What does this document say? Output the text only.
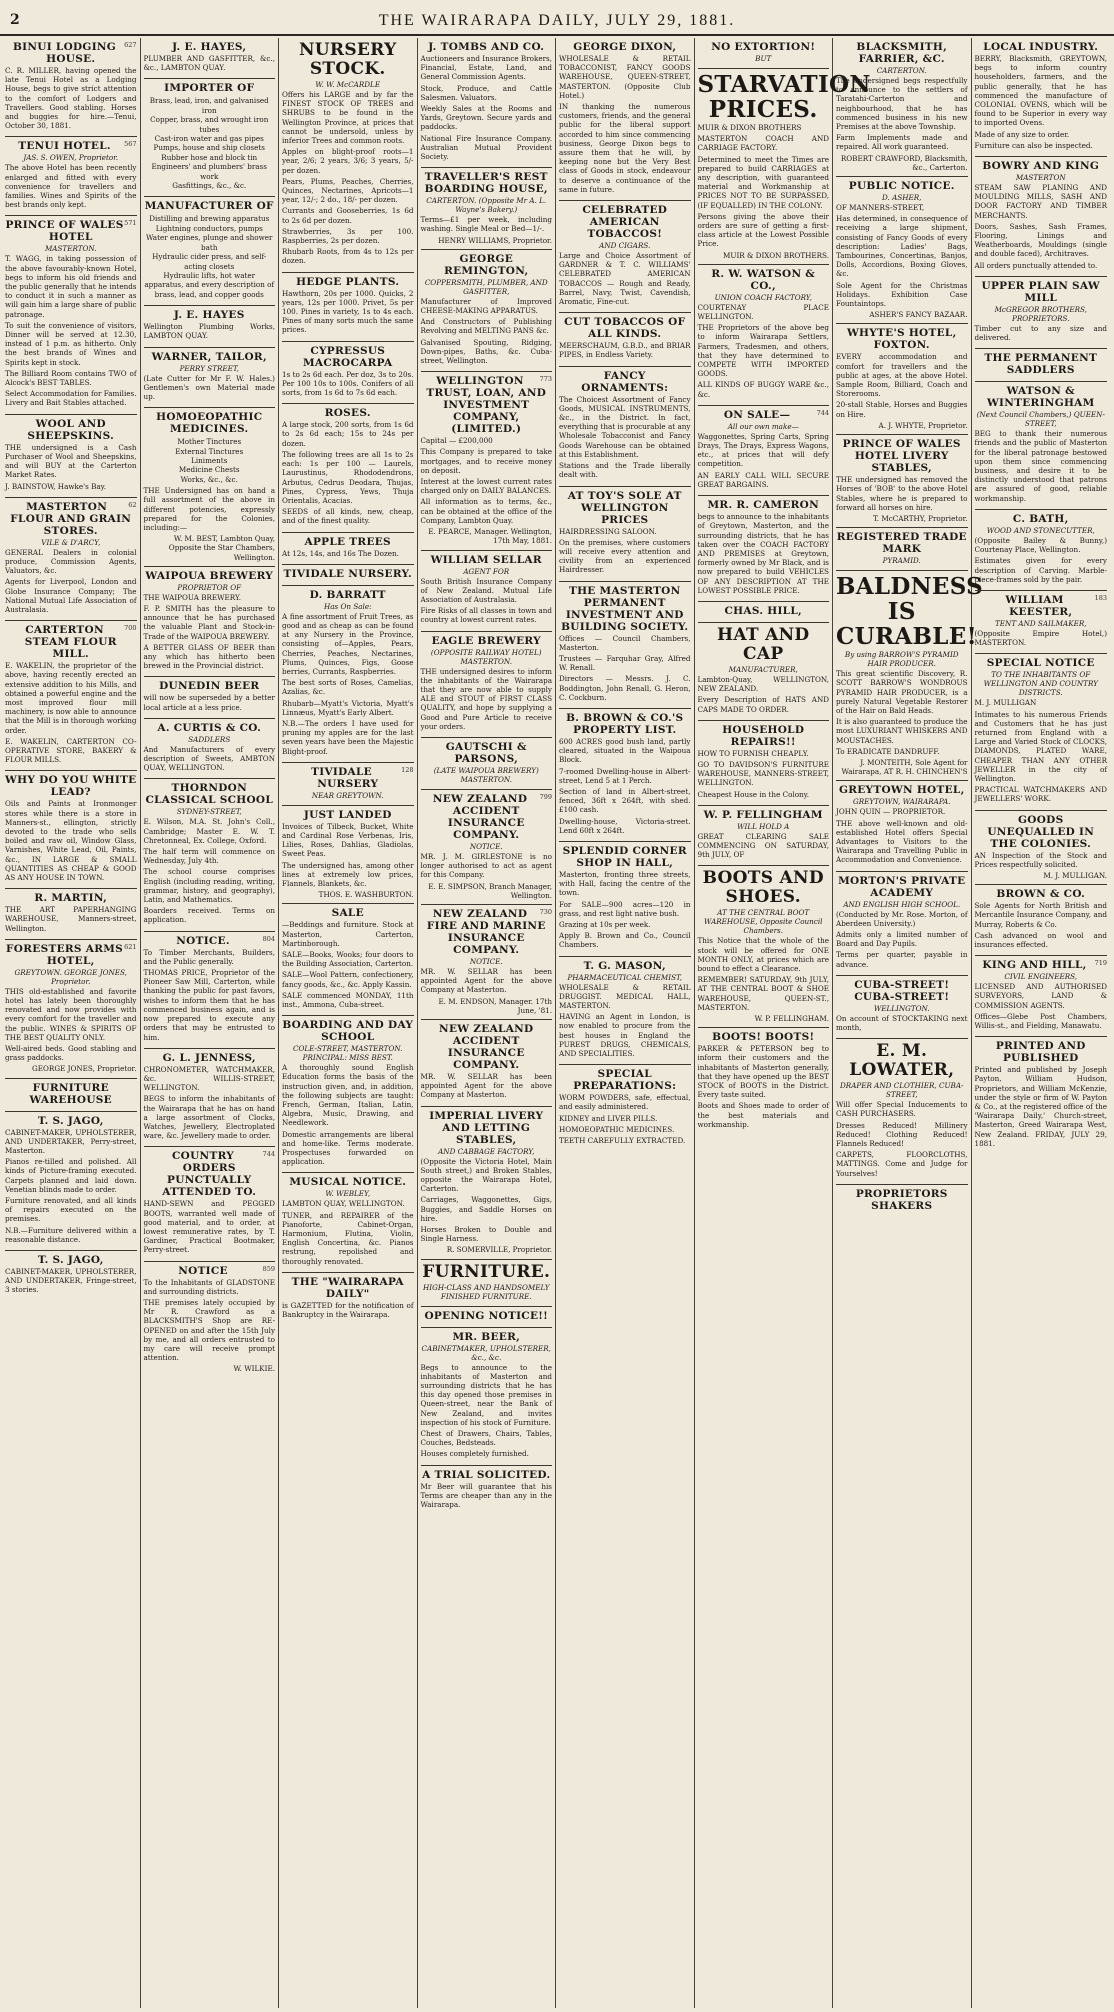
2	THE WAIRARAPA DAILY, JULY 29, 1881.
627
BINUI LODGING HOUSE.

C. R. MILLER, having opened the late Tenui Hotel as a Lodging House, begs to give strict attention to the comfort of Lodgers and Travellers. Good stabling. Horses and buggies for hire.—Tenui, October 30, 1881.

567
TENUI HOTEL.
JAS. S. OWEN, Proprietor.

The above Hotel has been recently enlarged and fitted with every convenience for travellers and families. Wines and Spirits of the best brands only kept.

571
PRINCE OF WALES HOTEL
MASTERTON.

T. WAGG, in taking possession of the above favourably-known Hotel, begs to inform his old friends and the public generally that he intends to conduct it in such a manner as will gain him a large share of public patronage.

To suit the convenience of visitors, Dinner will be served at 12.30, instead of 1 p.m. as hitherto. Only the best brands of Wines and Spirits kept in stock.

The Billiard Room contains TWO of Alcock's BEST TABLES.

Select Accommodation for Families. Livery and Bait Stables attached.

WOOL AND SHEEPSKINS.

THE undersigned is a Cash Purchaser of Wool and Sheepskins, and will BUY at the Carterton Market Rates.

J. BAINSTOW, Hawke's Bay.

62
MASTERTON FLOUR AND GRAIN STORES.
VILE & D'ARCY,

GENERAL Dealers in colonial produce, Commission Agents, Valuators, &c.

Agents for Liverpool, London and Globe Insurance Company; The National Mutual Life Association of Australasia.

700
CARTERTON STEAM FLOUR MILL.

E. WAKELIN, the proprietor of the above, having recently erected an extensive addition to his Mills, and obtained a powerful engine and the most improved flour mill machinery, is now able to announce that the Mill is in thorough working order.

E. WAKELIN, CARTERTON CO-OPERATIVE STORE, BAKERY & FLOUR MILLS.

WHY DO YOU WHITE LEAD?

Oils and Paints at Ironmonger stores while there is a store in Manners-st., ellington, strictly devoted to the trade who sells boiled and raw oil, Window Glass, Varnishes, White Lead, Oil, Paints, &c., IN LARGE & SMALL QUANTITIES AS CHEAP & GOOD AS ANY HOUSE IN TOWN.

R. MARTIN,

THE ART PAPERHANGING WAREHOUSE, Manners-street, Wellington.

621
FORESTERS ARMS HOTEL,
GREYTOWN. GEORGE JONES, Proprietor.

THIS old-established and favorite hotel has lately been thoroughly renovated and now provides with every comfort for the traveller and the public. WINES & SPIRITS OF THE BEST QUALITY ONLY.

Well-aired beds. Good stabling and grass paddocks.

GEORGE JONES, Proprietor.
FURNITURE WAREHOUSE
T. S. JAGO,

CABINET-MAKER, UPHOLSTERER, AND UNDERTAKER, Perry-street, Masterton.

Pianos re-tilled and polished. All kinds of Picture-framing executed. Carpets planned and laid down. Venetian blinds made to order.

Furniture renovated, and all kinds of repairs executed on the premises.

N.B.—Furniture delivered within a reasonable distance.

T. S. JAGO,

CABINET-MAKER, UPHOLSTERER, AND UNDERTAKER, Fringe-street, 3 stories.

J. E. HAYES,

PLUMBER AND GASFITTER, &c., &c., LAMBTON QUAY.

IMPORTER OF
Brass, lead, iron, and galvanised iron
Copper, brass, and wrought iron tubes
Cast-iron water and gas pipes
Pumps, house and ship closets
Rubber hose and block tin
Engineers' and plumbers' brass work
Gasfittings, &c., &c.
MANUFACTURER OF
Distilling and brewing apparatus
Lightning conductors, pumps
Water engines, plunge and shower bath
Hydraulic cider press, and self-acting closets
Hydraulic lifts, hot water apparatus, and every description of brass, lead, and copper goods
J. E. HAYES

Wellington Plumbing Works, LAMBTON QUAY.

WARNER, TAILOR,
PERRY STREET,

(Late Cutter for Mr F. W. Hales.) Gentlemen's own Material made up.

HOMOEOPATHIC MEDICINES.
Mother Tinctures
External Tinctures
Liniments
Medicine Chests
Works, &c., &c.

THE Undersigned has on hand a full assortment of the above in different potencies, expressly prepared for the Colonies, including:—

W. M. BEST, Lambton Quay, Opposite the Star Chambers, Wellington.
WAIPOUA BREWERY
PROPRIETOR OF

THE WAIPOUA BREWERY.

F. P. SMITH has the pleasure to announce that he has purchased the valuable Plant and Stock-in-Trade of the WAIPOUA BREWERY.

A BETTER GLASS OF BEER than any which has hitherto been brewed in the Provincial district.

DUNEDIN BEER

will now be superseded by a better local article at a less price.

A. CURTIS & CO.
SADDLERS

And Manufacturers of every description of Sweets, AMBTON QUAY, WELLINGTON.

THORNDON CLASSICAL SCHOOL
SYDNEY-STREET,

E. Wilson, M.A. St. John's Coll., Cambridge; Master E. W. T. Chretonneal, Ex. College, Oxford.

The half term will commence on Wednesday, July 4th.

The school course comprises English (including reading, writing, grammar, history, and geography), Latin, and Mathematics.

Boarders received. Terms on application.

804
NOTICE.

To Timber Merchants, Builders, and the Public generally.

THOMAS PRICE, Proprietor of the Pioneer Saw Mill, Carterton, while thanking the public for past favors, wishes to inform them that he has commenced business again, and is now prepared to execute any orders that may be entrusted to him.

G. L. JENNESS,

CHRONOMETER, WATCHMAKER, &c. WILLIS-STREET, WELLINGTON.

BEGS to inform the inhabitants of the Wairarapa that he has on hand a large assortment of Clocks, Watches, Jewellery, Electroplated ware, &c. Jewellery made to order.

744
COUNTRY ORDERS PUNCTUALLY ATTENDED TO.

HAND-SEWN and PEGGED BOOTS, warranted well made of good material, and to order, at lowest remunerative rates, by T. Gardiner, Practical Bootmaker, Perry-street.

859
NOTICE

To the Inhabitants of GLADSTONE and surrounding districts.

THE premises lately occupied by Mr R. Crawford as a BLACKSMITH'S Shop are RE-OPENED on and after the 15th July by me, and all orders entrusted to my care will receive prompt attention.

W. WILKIE.
NURSERY STOCK.
W. W. McCARDLE

Offers his LARGE and by far the FINEST STOCK OF TREES and SHRUBS to be found in the Wellington Province, at prices that cannot be undersold, unless by inferior Trees and common roots.

Apples on blight-proof roots—1 year, 2/6; 2 years, 3/6; 3 years, 5/- per dozen.

Pears, Plums, Peaches, Cherries, Quinces, Nectarines, Apricots—1 year, 12/-; 2 do., 18/- per dozen.

Currants and Gooseberries, 1s 6d to 2s 6d per dozen.

Strawberries, 3s per 100. Raspberries, 2s per dozen.

Rhubarb Roots, from 4s to 12s per dozen.

HEDGE PLANTS.

Hawthorn, 20s per 1000. Quicks, 2 years, 12s per 1000. Privet, 5s per 100. Pines in variety, 1s to 4s each. Pines of many sorts much the same prices.

CYPRESSUS MACROCARPA

1s to 2s 6d each. Per doz, 3s to 20s. Per 100 10s to 100s. Conifers of all sorts, from 1s 6d to 7s 6d each.

ROSES.

A large stock, 200 sorts, from 1s 6d to 2s 6d each; 15s to 24s per dozen.

The following trees are all 1s to 2s each: 1s per 100 — Laurels, Laurustinus, Rhododendrons, Arbutus, Cedrus Deodara, Thujas, Pines, Cypress, Yews, Thuja Orientalis, Acacias.

SEEDS of all kinds, new, cheap, and of the finest quality.

APPLE TREES

At 12s, 14s, and 16s The Dozen.

TIVIDALE NURSERY.
D. BARRATT
Has On Sale:

A fine assortment of Fruit Trees, as good and as cheap as can be found at any Nursery in the Province, consisting of—Apples, Pears, Cherries, Peaches, Nectarines, Plums, Quinces, Figs, Goose berries, Currants, Raspberries.

The best sorts of Roses, Camelias, Azalias, &c.

Rhubarb—Myatt's Victoria, Myatt's Linnæus, Myatt's Early Albert.

N.B.—The orders I have used for pruning my apples are for the last seven years have been the Majestic Blight-proof.

128
TIVIDALE NURSERY
NEAR GREYTOWN.
JUST LANDED

Invoices of Tilbeck, Bucket, White and Cardinal Rose Verbenas, Iris, Lilies, Roses, Dahlias, Gladiolas, Sweet Peas.

The undersigned has, among other lines at extremely low prices, Flannels, Blankets, &c.

THOS. E. WASHBURTON.
SALE

—Beddings and furniture. Stock at Masterton, Carterton, Martinborough.

SALE—Books, Wooks; four doors to the Building Association, Carterton.

SALE—Wool Pattern, confectionery, fancy goods, &c., &c. Apply Kassin.

SALE commenced MONDAY, 11th inst., Ammona, Cuba-street.

BOARDING AND DAY SCHOOL
COLE-STREET, MASTERTON. PRINCIPAL: MISS BEST.

A thoroughly sound English Education forms the basis of the instruction given, and, in addition, the following subjects are taught: French, German, Italian, Latin, Algebra, Music, Drawing, and Needlework.

Domestic arrangements are liberal and home-like. Terms moderate. Prospectuses forwarded on application.

MUSICAL NOTICE.
W. WEBLEY,

LAMBTON QUAY, WELLINGTON.

TUNER, and REPAIRER of the Pianoforte, Cabinet-Organ, Harmonium, Flutina, Violin, English Concertina, &c. Pianos restrung, repolished and thoroughly renovated.

THE "WAIRARAPA DAILY"

is GAZETTED for the notification of Bankruptcy in the Wairarapa.

J. TOMBS AND CO.

Auctioneers and Insurance Brokers, Financial, Estate, Land, and General Commission Agents.

Stock, Produce, and Cattle Salesmen. Valuators.

Weekly Sales at the Rooms and Yards, Greytown. Secure yards and paddocks.

National Fire Insurance Company. Australian Mutual Provident Society.

TRAVELLER'S REST BOARDING HOUSE,
CARTERTON. (Opposite Mr A. L. Wayne's Bakery.)

Terms—£1 per week, including washing. Single Meal or Bed—1/-.

HENRY WILLIAMS, Proprietor.
GEORGE REMINGTON,
COPPERSMITH, PLUMBER, AND GASFITTER,

Manufacturer of Improved CHEESE-MAKING APPARATUS.

And Constructors of Publishing Revolving and MELTING PANS &c.

Galvanised Spouting, Ridging, Down-pipes, Baths, &c. Cuba-street, Wellington.

773
WELLINGTON TRUST, LOAN, AND INVESTMENT COMPANY, (LIMITED.)

Capital — £200,000

This Company is prepared to take mortgages, and to receive money on deposit.

Interest at the lowest current rates charged only on DAILY BALANCES.

All information as to terms, &c., can be obtained at the office of the Company, Lambton Quay.

E. PEARCE, Manager. Wellington, 17th May, 1881.
WILLIAM SELLAR
AGENT FOR

South British Insurance Company of New Zealand. Mutual Life Association of Australasia.

Fire Risks of all classes in town and country at lowest current rates.

EAGLE BREWERY
(OPPOSITE RAILWAY HOTEL) MASTERTON.

THE undersigned desires to inform the inhabitants of the Wairarapa that they are now able to supply ALE and STOUT of FIRST CLASS QUALITY, and hope by supplying a Good and Pure Article to receive your orders.

GAUTSCHI & PARSONS,
(LATE WAIPOUA BREWERY) MASTERTON.
799
NEW ZEALAND ACCIDENT INSURANCE COMPANY.
NOTICE.

MR. J. M. GIRLESTONE is no longer authorised to act as agent for this Company.

E. E. SIMPSON, Branch Manager, Wellington.
730
NEW ZEALAND FIRE AND MARINE INSURANCE COMPANY.
NOTICE.

MR. W. SELLAR has been appointed Agent for the above Company at Masterton.

E. M. ENDSON, Manager. 17th June, '81.
NEW ZEALAND ACCIDENT INSURANCE COMPANY.

MR. W. SELLAR has been appointed Agent for the above Company at Masterton.

IMPERIAL LIVERY AND LETTING STABLES,
AND CABBAGE FACTORY,

(Opposite the Victoria Hotel, Main South street,) and Broken Stables, opposite the Wairarapa Hotel, Carterton.

Carriages, Waggonettes, Gigs, Buggies, and Saddle Horses on hire.

Horses Broken to Double and Single Harness.

R. SOMERVILLE, Proprietor.
FURNITURE.
HIGH-CLASS AND HANDSOMELY FINISHED FURNITURE.
OPENING NOTICE!!
MR. BEER,
CABINETMAKER, UPHOLSTERER, &c., &c.

Begs to announce to the inhabitants of Masterton and surrounding districts that he has this day opened those premises in Queen-street, near the Bank of New Zealand, and invites inspection of his stock of Furniture.

Chest of Drawers, Chairs, Tables, Couches, Bedsteads.

Houses completely furnished.

A TRIAL SOLICITED.

Mr Beer will guarantee that his Terms are cheaper than any in the Wairarapa.

GEORGE DIXON,

WHOLESALE & RETAIL TOBACCONIST, FANCY GOODS WAREHOUSE, QUEEN-STREET, MASTERTON. (Opposite Club Hotel.)

IN thanking the numerous customers, friends, and the general public for the liberal support accorded to him since commencing business, George Dixon begs to assure them that he will, by keeping none but the Very Best class of Goods in stock, endeavour to deserve a continuance of the same in future.

CELEBRATED AMERICAN TOBACCOS!
AND CIGARS.

Large and Choice Assortment of GARDNER & T. C. WILLIAMS' CELEBRATED AMERICAN TOBACCOS — Rough and Ready, Barrel, Navy, Twist, Cavendish, Aromatic, Fine-cut.

CUT TOBACCOS OF ALL KINDS.

MEERSCHAUM, G.B.D., and BRIAR PIPES, in Endless Variety.

FANCY ORNAMENTS:

The Choicest Assortment of Fancy Goods, MUSICAL INSTRUMENTS, &c., in the District. In fact, everything that is procurable at any Wholesale Tobacconist and Fancy Goods Warehouse can be obtained at this Establishment.

Stations and the Trade liberally dealt with.

AT TOY'S SOLE AT WELLINGTON PRICES

HAIRDRESSING SALOON.

On the premises, where customers will receive every attention and civility from an experienced Hairdresser.

THE MASTERTON PERMANENT INVESTMENT AND BUILDING SOCIETY.

Offices — Council Chambers, Masterton.

Trustees — Farquhar Gray, Alfred W. Renall.

Directors — Messrs. J. C. Boddington, John Renall, G. Heron, C. Cockburn.

B. BROWN & CO.'S PROPERTY LIST.

600 ACRES good bush land, partly cleared, situated in the Waipoua Block.

7-roomed Dwelling-house in Albert-street, Lend 5 at 1 Perch.

Section of land in Albert-street, fenced, 36ft x 264ft, with shed. £100 cash.

Dwelling-house, Victoria-street. Lend 60ft x 264ft.

SPLENDID CORNER SHOP IN HALL,

Masterton, fronting three streets, with Hall, facing the centre of the town.

For SALE—900 acres—120 in grass, and rest light native bush.

Grazing at 10s per week.

Apply B. Brown and Co., Council Chambers.

T. G. MASON,
PHARMACEUTICAL CHEMIST,

WHOLESALE & RETAIL DRUGGIST. MEDICAL HALL, MASTERTON.

HAVING an Agent in London, is now enabled to procure from the best houses in England the PUREST DRUGS, CHEMICALS, AND SPECIALITIES.

SPECIAL PREPARATIONS:

WORM POWDERS, safe, effectual, and easily administered.

KIDNEY and LIVER PILLS.

HOMOEOPATHIC MEDICINES.

TEETH CAREFULLY EXTRACTED.

NO EXTORTION!
BUT
STARVATION PRICES.

MUIR & DIXON BROTHERS

MASTERTON COACH AND CARRIAGE FACTORY.

Determined to meet the Times are prepared to build CARRIAGES at any description, with guaranteed material and Workmanship at PRICES NOT TO BE SURPASSED, (IF EQUALLED) IN THE COLONY.

Persons giving the above their orders are sure of getting a first-class article at the Lowest Possible Price.

MUIR & DIXON BROTHERS.
R. W. WATSON & CO.,
UNION COACH FACTORY,

COURTENAY PLACE WELLINGTON.

THE Proprietors of the above beg to inform Wairarapa Settlers, Farmers, Tradesmen, and others, that they have determined to COMPETE WITH IMPORTED GOODS.

ALL KINDS OF BUGGY WARE &c., &c.

744
ON SALE—
All our own make—

Waggonettes, Spring Carts, Spring Drays, The Drays, Express Wagons, etc., at prices that will defy competition.

AN EARLY CALL WILL SECURE GREAT BARGAINS.

MR. R. CAMERON

begs to announce to the inhabitants of Greytown, Masterton, and the surrounding districts, that he has taken over the COACH FACTORY AND PREMISES at Greytown, formerly owned by Mr Black, and is now prepared to build VEHICLES OF ANY DESCRIPTION AT THE LOWEST POSSIBLE PRICE.

CHAS. HILL,
HAT AND CAP
MANUFACTURER,

Lambton-Quay, WELLINGTON, NEW ZEALAND.

Every Description of HATS AND CAPS MADE TO ORDER.

HOUSEHOLD REPAIRS!!

HOW TO FURNISH CHEAPLY.

GO TO DAVIDSON'S FURNITURE WAREHOUSE, MANNERS-STREET, WELLINGTON.

Cheapest House in the Colony.

W. P. FELLINGHAM
WILL HOLD A

GREAT CLEARING SALE COMMENCING ON SATURDAY, 9th JULY, OF

BOOTS AND SHOES.
AT THE CENTRAL BOOT WAREHOUSE, Opposite Council Chambers.

This Notice that the whole of the stock will be offered for ONE MONTH ONLY, at prices which are bound to effect a Clearance.

REMEMBER! SATURDAY, 9th JULY, AT THE CENTRAL BOOT & SHOE WAREHOUSE, QUEEN-ST., MASTERTON.

W. P. FELLINGHAM.
BOOTS! BOOTS!

PARKER & PETERSON beg to inform their customers and the inhabitants of Masterton generally, that they have opened up the BEST STOCK of BOOTS in the District. Every taste suited.

Boots and Shoes made to order of the best materials and workmanship.

BLACKSMITH, FARRIER, &C.
CARTERTON.

The undersigned begs respectfully to announce to the settlers of Taratahi-Carterton and neighbourhood, that he has commenced business in his new Premises at the above Township.

Farm Implements made and repaired. All work guaranteed.

ROBERT CRAWFORD, Blacksmith, &c., Carterton.
PUBLIC NOTICE.
D. ASHER,

OF MANNERS-STREET,

Has determined, in consequence of receiving a large shipment, consisting of Fancy Goods of every description: Ladies' Bags, Tambourines, Concertinas, Banjos, Dolls, Accordions, Boxing Gloves, &c.

Sole Agent for the Christmas Holidays. Exhibition Case Fountaintops.

ASHER'S FANCY BAZAAR.
WHYTE'S HOTEL, FOXTON.

EVERY accommodation and comfort for travellers and the public at ages, at the above Hotel. Sample Room, Billiard, Coach and Storerooms.

20-stall Stable, Horses and Buggies on Hire.

A. J. WHYTE, Proprietor.
PRINCE OF WALES HOTEL LIVERY STABLES,

THE undersigned has removed the Horses of 'BOB' to the above Hotel Stables, where he is prepared to forward all horses on hire.

T. McCARTHY, Proprietor.
REGISTERED TRADE MARK
PYRAMID.
BALDNESS IS CURABLE!
By using BARROW'S PYRAMID HAIR PRODUCER.

This great scientific Discovery, R. SCOTT BARROW'S WONDROUS PYRAMID HAIR PRODUCER, is a purely Natural Vegetable Restorer of the Hair on Bald Heads.

It is also guaranteed to produce the most LUXURIANT WHISKERS AND MOUSTACHES.

To ERADICATE DANDRUFF.

J. MONTEITH, Sole Agent for Wairarapa, AT R. H. CHINCHEN'S
GREYTOWN HOTEL,
GREYTOWN, WAIRARAPA.

JOHN QUIN — PROPRIETOR.

THE above well-known and old-established Hotel offers Special Advantages to Visitors to the Wairarapa and Travelling Public in Accommodation and Convenience.

MORTON'S PRIVATE ACADEMY
AND ENGLISH HIGH SCHOOL.

(Conducted by Mr. Rose. Morton, of Aberdeen University.)

Admits only a limited number of Board and Day Pupils.

Terms per quarter, payable in advance.

CUBA-STREET! CUBA-STREET!
WELLINGTON.

On account of STOCKTAKING next month,

E. M. LOWATER,
DRAPER AND CLOTHIER, CUBA-STREET,

Will offer Special Inducements to CASH PURCHASERS.

Dresses Reduced! Millinery Reduced! Clothing Reduced! Flannels Reduced!

CARPETS, FLOORCLOTHS, MATTINGS. Come and Judge for Yourselves!

PROPRIETORS SHAKERS
LOCAL INDUSTRY.

BERRY, Blacksmith, GREYTOWN, begs to inform country householders, farmers, and the public generally, that he has commenced the manufacture of COLONIAL OVENS, which will be found to be Superior in every way to imported Ovens.

Made of any size to order.

Furniture can also be inspected.

BOWRY AND KING
MASTERTON

STEAM SAW PLANING AND MOULDING MILLS, SASH AND DOOR FACTORY AND TIMBER MERCHANTS.

Doors, Sashes, Sash Frames, Flooring, Linings and Weatherboards, Mouldings (single and double faced), Architraves.

All orders punctually attended to.

UPPER PLAIN SAW MILL
McGREGOR BROTHERS, PROPRIETORS.

Timber cut to any size and delivered.

THE PERMANENT SADDLERS
WATSON & WINTERINGHAM
(Next Council Chambers,) QUEEN-STREET,

BEG to thank their numerous friends and the public of Masterton for the liberal patronage bestowed upon them since commencing business, and desire it to be distinctly understood that patrons are assured of good, reliable workmanship.

C. BATH,
WOOD AND STONECUTTER,

(Opposite Bailey & Bunny,) Courtenay Place, Wellington.

Estimates given for every description of Carving. Marble-piece-frames sold by the pair.

183
WILLIAM KEESTER,
TENT AND SAILMAKER,

(Opposite Empire Hotel,) MASTERTON.

SPECIAL NOTICE
TO THE INHABITANTS OF WELLINGTON AND COUNTRY DISTRICTS.

M. J. MULLIGAN

Intimates to his numerous Friends and Customers that he has just returned from England with a Large and Varied Stock of CLOCKS, DIAMONDS, PLATED WARE, CHEAPER THAN ANY OTHER JEWELLER in the city of Wellington.

PRACTICAL WATCHMAKERS AND JEWELLERS' WORK.

GOODS UNEQUALLED IN THE COLONIES.

AN Inspection of the Stock and Prices respectfully solicited.

M. J. MULLIGAN.
BROWN & CO.

Sole Agents for North British and Mercantile Insurance Company, and Murray, Roberts & Co.

Cash advanced on wool and insurances effected.

719
KING AND HILL,
CIVIL ENGINEERS,

LICENSED AND AUTHORISED SURVEYORS, LAND & COMMISSION AGENTS.

Offices—Glebe Post Chambers, Willis-st., and Fielding, Manawatu.

PRINTED AND PUBLISHED

Printed and published by Joseph Payton, William Hudson, Proprietors, and William McKenzie, under the style or firm of W. Payton & Co., at the registered office of the 'Wairarapa Daily,' Church-street, Masterton, Greed Wairarapa West, New Zealand. FRIDAY, JULY 29, 1881.
